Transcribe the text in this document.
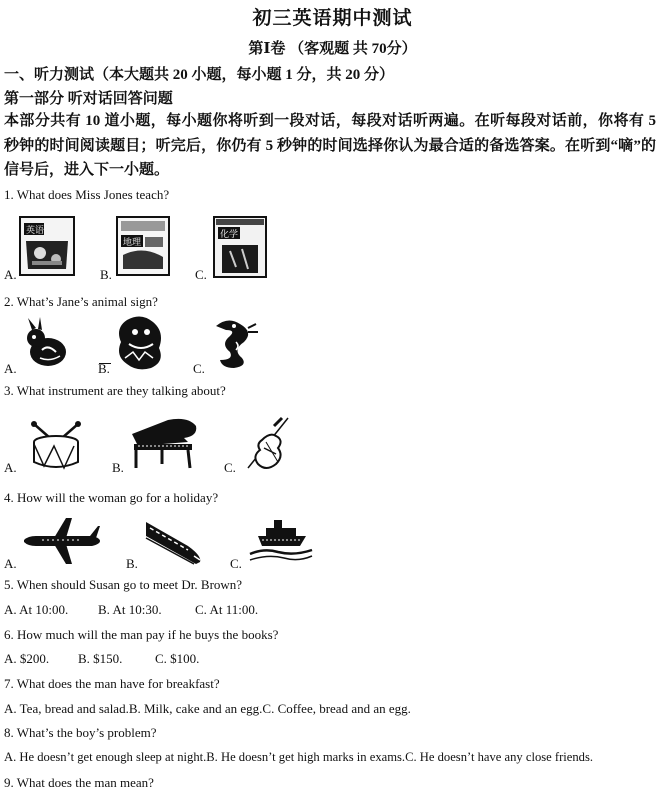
初三英语期中测试
第Ⅰ卷 （客观题 共 70分）
一、听力测试（本大题共 20 小题，每小题 1 分，共 20 分）
第一部分 听对话回答问题
本部分共有 10 道小题，每小题你将听到一段对话，每段对话听两遍。在听每段对话前，你将有 5 秒钟的时间阅读题目；听完后，你仍有 5 秒钟的时间选择你认为最合适的备选答案。在听到“嘀”的信号后，进入下一小题。
1. What does Miss Jones teach?
A.	B.	C.
英语
地理
化学
2. What’s Jane’s animal sign?
A.	B.	C.
3. What instrument are they talking about?
A.	B.	C.
4. How will the woman go for a holiday?
A.	B.	C.
5. When should Susan go to meet Dr. Brown?
A. At 10:00. B. At 10:30.	C. At 11:00.
6. How much will the man pay if he buys the books?
A. $200. B. $150.	C. $100.
7. What does the man have for breakfast?
A. Tea, bread and salad.B. Milk, cake and an egg.C. Coffee, bread and an egg.
8. What’s the boy’s problem?
A. He doesn’t get enough sleep at night.B. He doesn’t get high marks in exams.C. He doesn’t have any close friends.
9. What does the man mean?
